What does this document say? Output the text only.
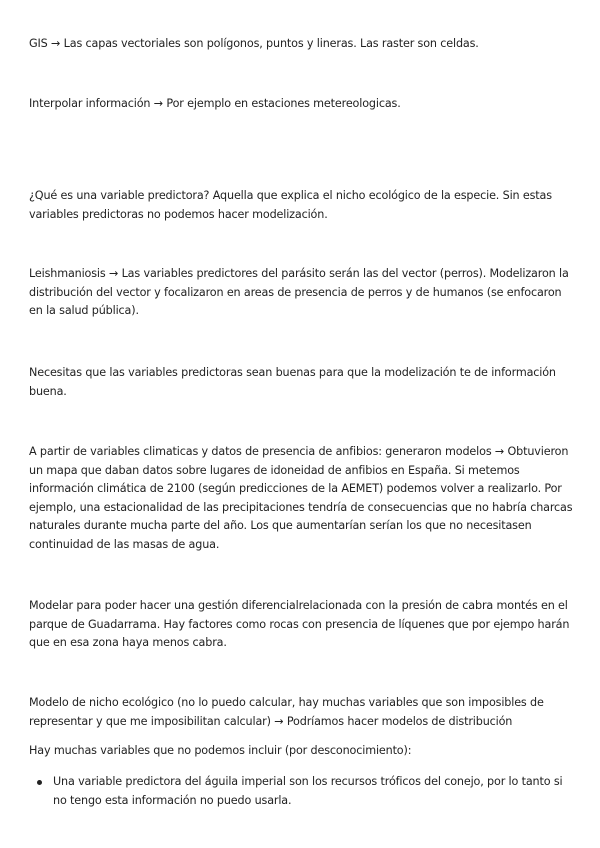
GIS → Las capas vectoriales son polígonos, puntos y lineras. Las raster son celdas.

Interpolar información → Por ejemplo en estaciones metereologicas.

¿Qué es una variable predictora? Aquella que explica el nicho ecológico de la especie. Sin estas variables predictoras no podemos hacer modelización.

Leishmaniosis → Las variables predictores del parásito serán las del vector (perros). Modelizaron la distribución del vector y focalizaron en areas de presencia de perros y de humanos (se enfocaron en la salud pública).

Necesitas que las variables predictoras sean buenas para que la modelización te de información buena.

A partir de variables climaticas y datos de presencia de anfibios: generaron modelos → Obtuvieron un mapa que daban datos sobre lugares de idoneidad de anfibios en España. Si metemos información climática de 2100 (según predicciones de la AEMET) podemos volver a realizarlo. Por ejemplo, una estacionalidad de las precipitaciones tendría de consecuencias que no habría charcas naturales durante mucha parte del año. Los que aumentarían serían los que no necesitasen continuidad de las masas de agua.

Modelar para poder hacer una gestión diferencialrelacionada con la presión de cabra montés en el parque de Guadarrama. Hay factores como rocas con presencia de líquenes que por ejempo harán que en esa zona haya menos cabra.

Modelo de nicho ecológico (no lo puedo calcular, hay muchas variables que son imposibles de representar y que me imposibilitan calcular) → Podríamos hacer modelos de distribución

Hay muchas variables que no podemos incluir (por desconocimiento):

Una variable predictora del águila imperial son los recursos tróficos del conejo, por lo tanto si no tengo esta información no puedo usarla.
